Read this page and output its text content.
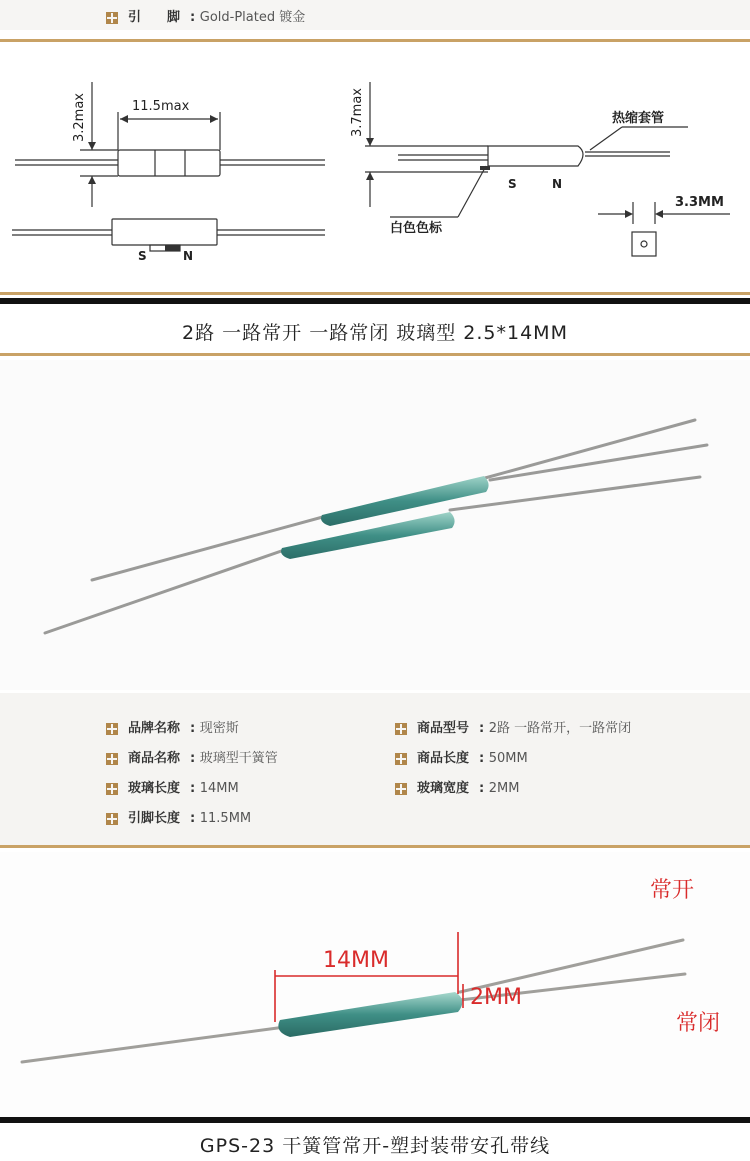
引　　脚 : Gold-Plated 镀金
11.5max
3.2max	3.7max	热缩套管
白色色标
3.3MM
S	N
S	N
2路 一路常开 一路常闭 玻璃型 2.5*14MM
品牌名称 : 现密斯	商品型号 : 2路 一路常开，一路常闭
商品名称 : 玻璃型干簧管	商品长度 : 50MM
玻璃长度 : 14MM	玻璃宽度 : 2MM
引脚长度 : 11.5MM
14MM
2MM
常开
常闭
GPS-23 干簧管常开-塑封装带安孔带线
